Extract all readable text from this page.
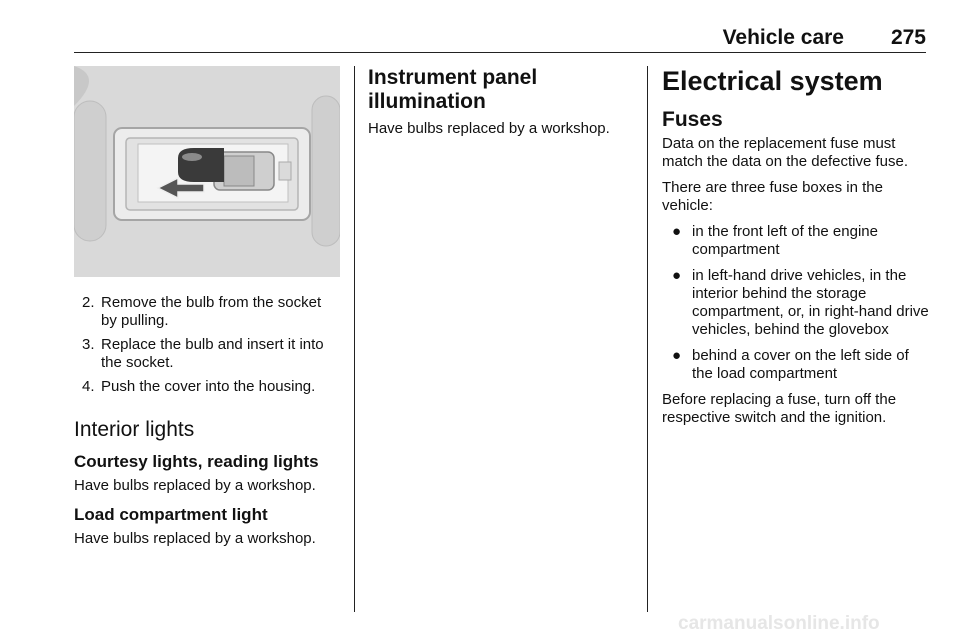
Vehicle care 275
2. Remove the bulb from the socket by pulling.
3. Replace the bulb and insert it into the socket.
4. Push the cover into the housing.
Interior lights
Courtesy lights, reading lights

Have bulbs replaced by a workshop.

Load compartment light

Have bulbs replaced by a workshop.

Instrument panel illumination

Have bulbs replaced by a workshop.

Electrical system
Fuses

Data on the replacement fuse must match the data on the defective fuse.

There are three fuse boxes in the vehicle:

● in the front left of the engine compartment
● in left-hand drive vehicles, in the interior behind the storage compartment, or, in right-hand drive vehicles, behind the glovebox
● behind a cover on the left side of the load compartment

Before replacing a fuse, turn off the respective switch and the ignition.

carmanualsonline.info
